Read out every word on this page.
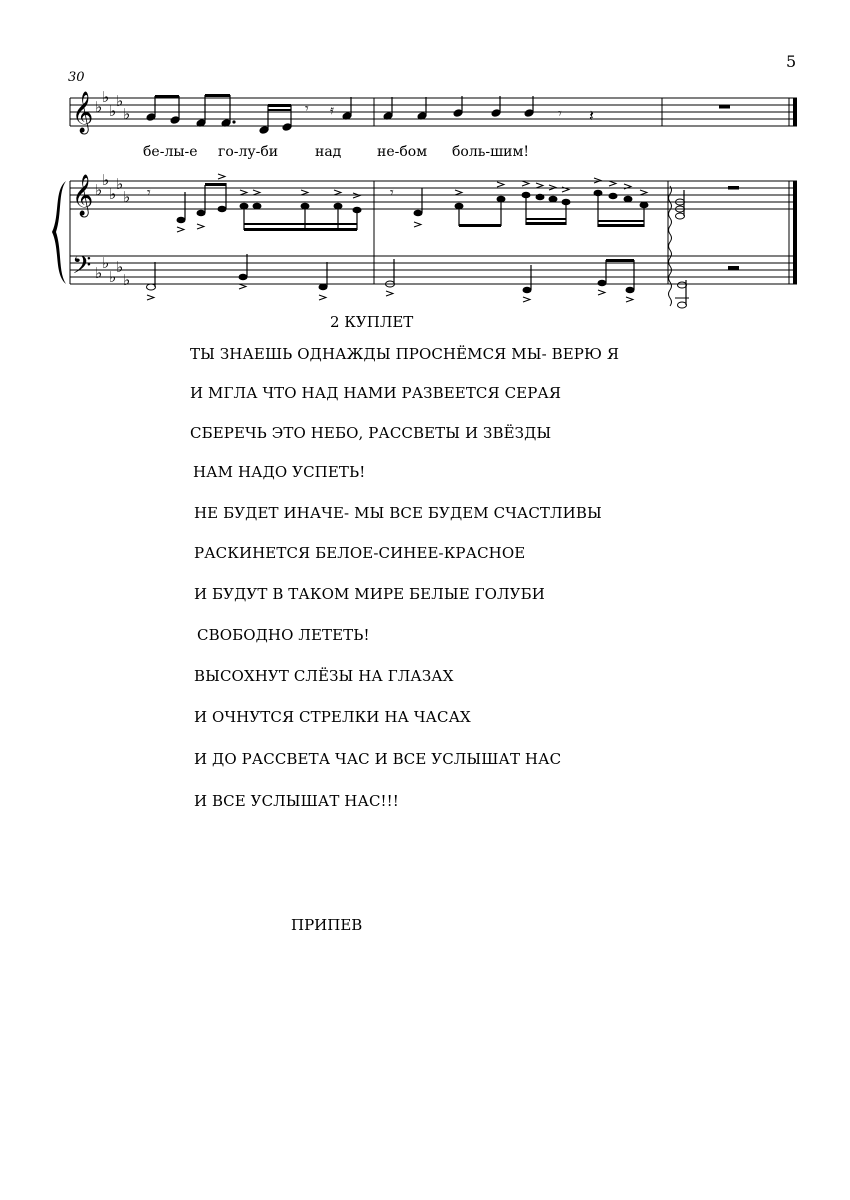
5
30
𝄞
𝄞
𝄢
♭
♭
♭
♭
♭
♭
♭
♭
♭
♭
♭
♭
♭
♭
♭
𝄾 𝄿	𝄾 𝄽
𝄾	𝄾
бе-лы-е го-лу-би	над	не-бом боль-шим!
2 КУПЛЕТ
ТЫ ЗНАЕШЬ ОДНАЖДЫ ПРОСНЁМСЯ МЫ- ВЕРЮ Я
И МГЛА ЧТО НАД НАМИ РАЗВЕЕТСЯ СЕРАЯ
СБЕРЕЧЬ ЭТО НЕБО, РАССВЕТЫ И ЗВЁЗДЫ
НАМ НАДО УСПЕТЬ!
НЕ БУДЕТ ИНАЧЕ- МЫ ВСЕ БУДЕМ СЧАСТЛИВЫ
РАСКИНЕТСЯ БЕЛОЕ-СИНЕЕ-КРАСНОЕ
И БУДУТ В ТАКОМ МИРЕ БЕЛЫЕ ГОЛУБИ
СВОБОДНО ЛЕТЕТЬ!
ВЫСОХНУТ СЛЁЗЫ НА ГЛАЗАХ
И ОЧНУТСЯ СТРЕЛКИ НА ЧАСАХ
И ДО РАССВЕТА ЧАС И ВСЕ УСЛЫШАТ НАС
И ВСЕ УСЛЫШАТ НАС!!!
ПРИПЕВ
